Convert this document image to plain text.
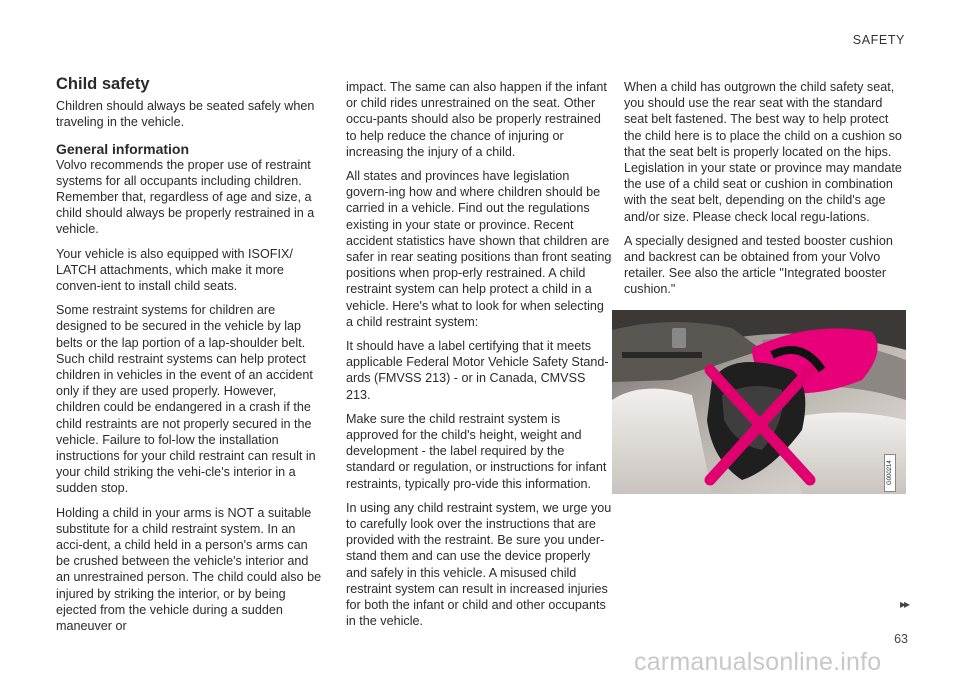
SAFETY
Child safety
Children should always be seated safely when traveling in the vehicle.
General information

Volvo recommends the proper use of restraint systems for all occupants including children. Remember that, regardless of age and size, a child should always be properly restrained in a vehicle.

Your vehicle is also equipped with ISOFIX/ LATCH attachments, which make it more conven-ient to install child seats.

Some restraint systems for children are designed to be secured in the vehicle by lap belts or the lap portion of a lap-shoulder belt. Such child restraint systems can help protect children in vehicles in the event of an accident only if they are used properly. However, children could be endangered in a crash if the child restraints are not properly secured in the vehicle. Failure to fol-low the installation instructions for your child restraint can result in your child striking the vehi-cle's interior in a sudden stop.

Holding a child in your arms is NOT a suitable substitute for a child restraint system. In an acci-dent, a child held in a person's arms can be crushed between the vehicle's interior and an unrestrained person. The child could also be injured by striking the interior, or by being ejected from the vehicle during a sudden maneuver or

impact. The same can also happen if the infant or child rides unrestrained on the seat. Other occu-pants should also be properly restrained to help reduce the chance of injuring or increasing the injury of a child.

All states and provinces have legislation govern-ing how and where children should be carried in a vehicle. Find out the regulations existing in your state or province. Recent accident statistics have shown that children are safer in rear seating positions than front seating positions when prop-erly restrained. A child restraint system can help protect a child in a vehicle. Here's what to look for when selecting a child restraint system:

It should have a label certifying that it meets applicable Federal Motor Vehicle Safety Stand-ards (FMVSS 213) - or in Canada, CMVSS 213.

Make sure the child restraint system is approved for the child's height, weight and development - the label required by the standard or regulation, or instructions for infant restraints, typically pro-vide this information.

In using any child restraint system, we urge you to carefully look over the instructions that are provided with the restraint. Be sure you under-stand them and can use the device properly and safely in this vehicle. A misused child restraint system can result in increased injuries for both the infant or child and other occupants in the vehicle.

When a child has outgrown the child safety seat, you should use the rear seat with the standard seat belt fastened. The best way to help protect the child here is to place the child on a cushion so that the seat belt is properly located on the hips. Legislation in your state or province may mandate the use of a child seat or cushion in combination with the seat belt, depending on the child's age and/or size. Please check local regu-lations.

A specially designed and tested booster cushion and backrest can be obtained from your Volvo retailer. See also the article "Integrated booster cushion."

G000214
▸▸
63
carmanualsonline.info
